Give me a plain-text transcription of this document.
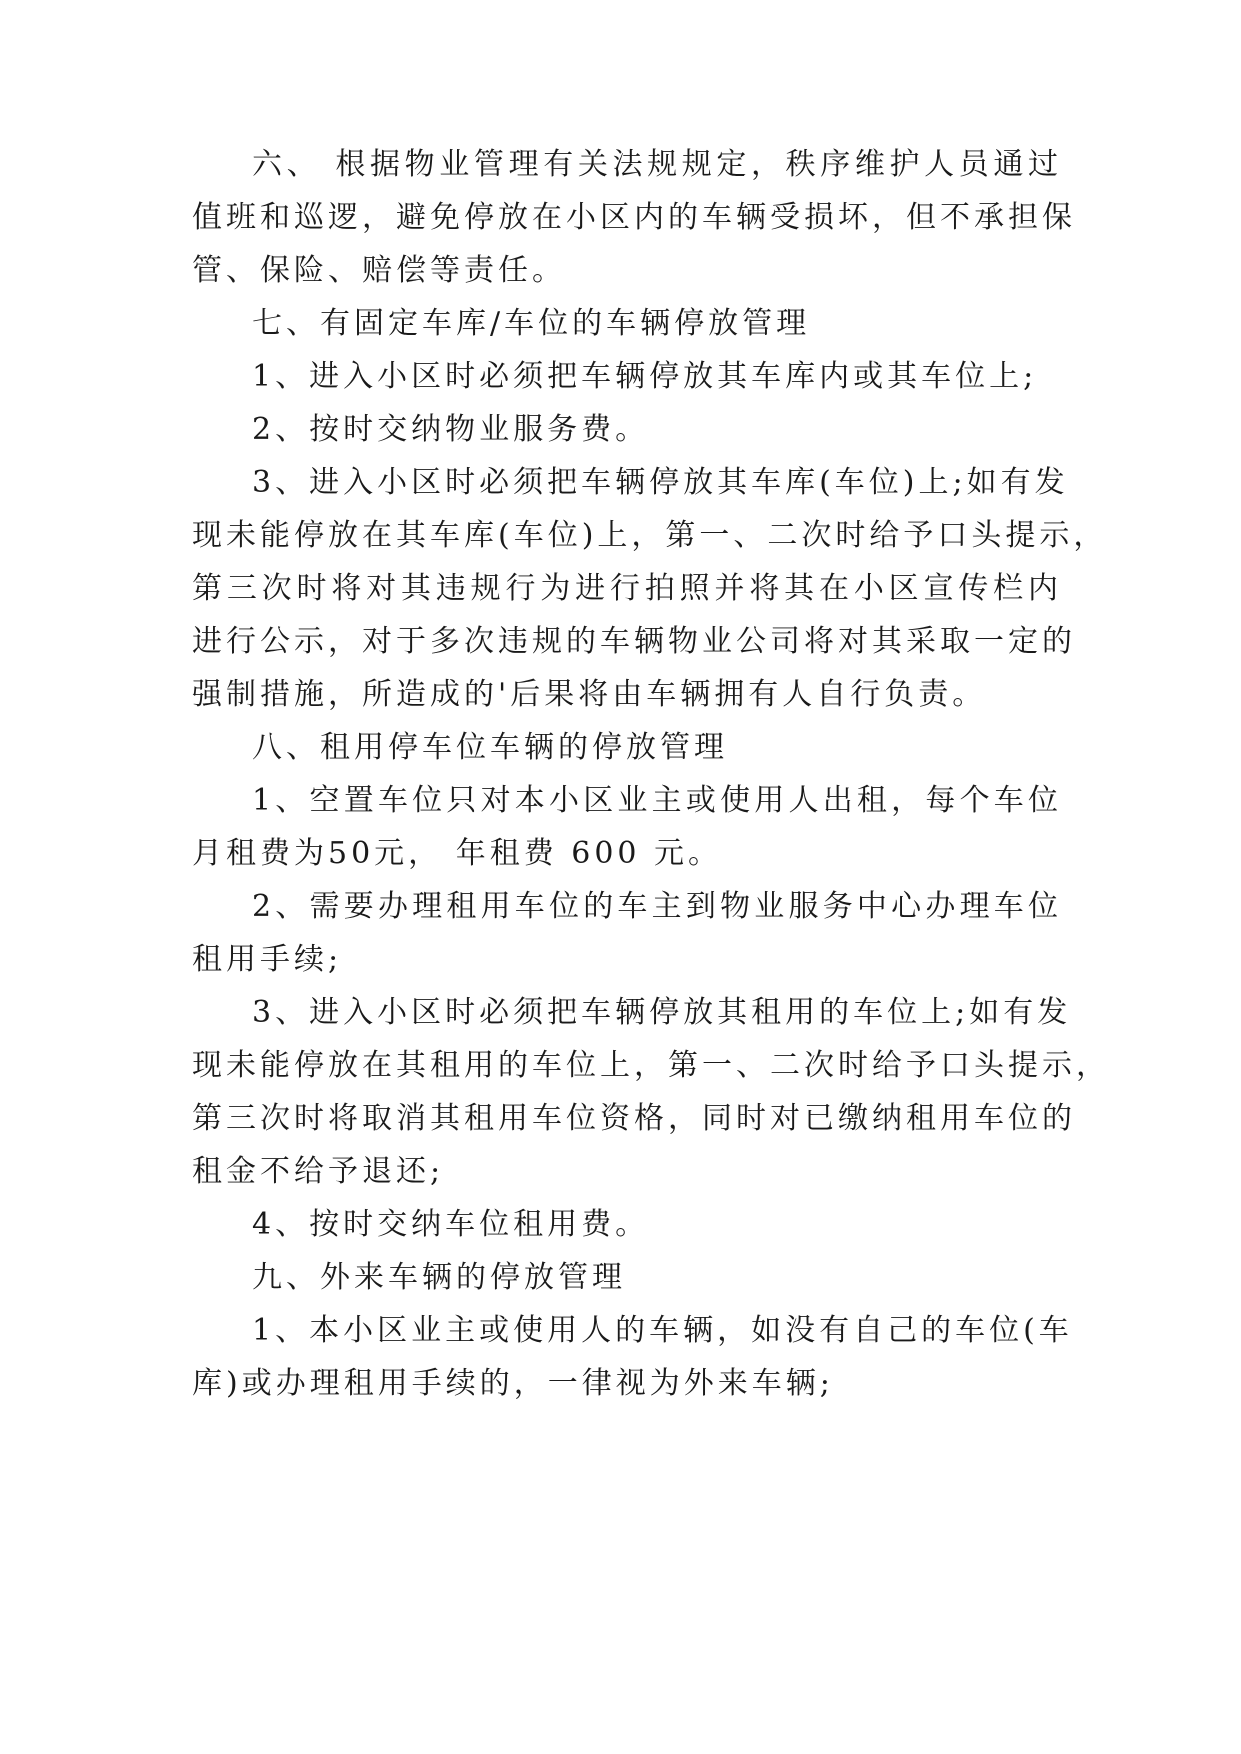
六、 根据物业管理有关法规规定，秩序维护人员通过
值班和巡逻，避免停放在小区内的车辆受损坏，但不承担保
管、保险、赔偿等责任。
七、有固定车库/车位的车辆停放管理
1、进入小区时必须把车辆停放其车库内或其车位上;
2、按时交纳物业服务费。
3、进入小区时必须把车辆停放其车库(车位)上;如有发
现未能停放在其车库(车位)上，第一、二次时给予口头提示，
第三次时将对其违规行为进行拍照并将其在小区宣传栏内
进行公示，对于多次违规的车辆物业公司将对其采取一定的
强制措施，所造成的'后果将由车辆拥有人自行负责。
八、租用停车位车辆的停放管理
1、空置车位只对本小区业主或使用人出租，每个车位
月租费为50元， 年租费 600 元。
2、需要办理租用车位的车主到物业服务中心办理车位
租用手续;
3、进入小区时必须把车辆停放其租用的车位上;如有发
现未能停放在其租用的车位上，第一、二次时给予口头提示，
第三次时将取消其租用车位资格，同时对已缴纳租用车位的
租金不给予退还;
4、按时交纳车位租用费。
九、外来车辆的停放管理
1、本小区业主或使用人的车辆，如没有自己的车位(车
库)或办理租用手续的，一律视为外来车辆;
